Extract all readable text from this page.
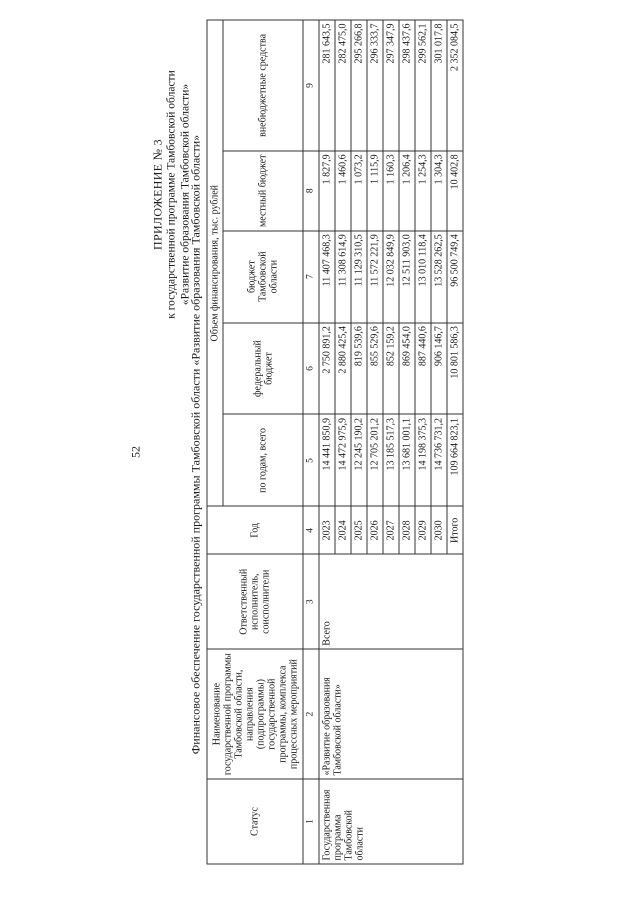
52
ПРИЛОЖЕНИЕ № 3 к государственной программе Тамбовской области «Развитие образования Тамбовской области»
Финансовое обеспечение государственной программы Тамбовской области «Развитие образования Тамбовской области»
Статус	Наименование государственной программы Тамбовской области, направления (подпрограммы) государственной программы, комплекса процессных мероприятий	Ответственный исполнитель, соисполнители	Год	Объем финансирования, тыс. рублей				
				по годам, всего	федеральный бюджет	бюджет Тамбовской области	местный бюджет	внебюджетные средства
1	2	3	4	5	6	7	8	9
Государственная программа Тамбовской области	«Развитие образования Тамбовской области»	Всего	2023	14 441 850,9	2 750 891,2	11 407 468,3	1 827,9	281 643,5
			2024	14 472 975,9	2 880 425,4	11 308 614,9	1 460,6	282 475,0
			2025	12 245 190,2	819 539,6	11 129 310,5	1 073,2	295 266,8
			2026	12 705 201,2	855 529,6	11 572 221,9	1 115,9	296 333,7
			2027	13 185 517,3	852 159,2	12 032 849,9	1 160,3	297 347,9
			2028	13 681 001,1	869 454,0	12 511 903,0	1 206,4	298 437,6
			2029	14 198 375,3	887 440,6	13 010 118,4	1 254,3	299 562,1
			2030	14 736 731,2	906 146,7	13 528 262,5	1 304,3	301 017,8
			Итого	109 664 823,1	10 801 586,3	96 500 749,4	10 402,8	2 352 084,5
